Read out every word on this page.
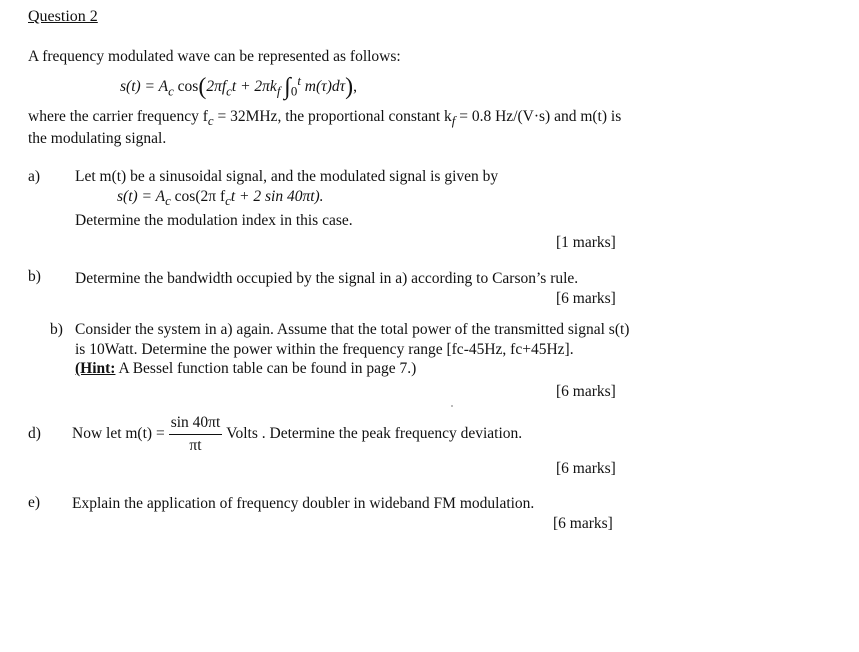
Question 2
A frequency modulated wave can be represented as follows:
$s(t) = A_c$ $\cos(2\pi f_ct + 2\pi k_f$ $\int_0^t$ m(τ)dτ),
where the carrier frequency $f_c = 32MHz$, the proportional constant $k_f = 0.8$ Hz/(V·s) and m(t) is
the modulating signal.
a) Let m(t) be a sinusoidal signal, and the modulated signal is given by
$s(t) = A_c$ cos(2π $f_ct + 2$ sin 40πt).
Determine the modulation index in this case.
[1 marks]
b) Determine the bandwidth occupied by the signal in a) according to Carson’s rule.
[6 marks]
b) Consider the system in a) again. Assume that the total power of the transmitted signal s(t)
is 10Watt. Determine the power within the frequency range [fc-45Hz, fc+45Hz].
(Hint: A Bessel function table can be found in page 7.)
[6 marks]
d) Now let $m(t) = \frac{\sin 40\pi t}{\pi t}$ Volts . Determine the peak frequency deviation.
[6 marks]
e) Explain the application of frequency doubler in wideband FM modulation.
[6 marks]
